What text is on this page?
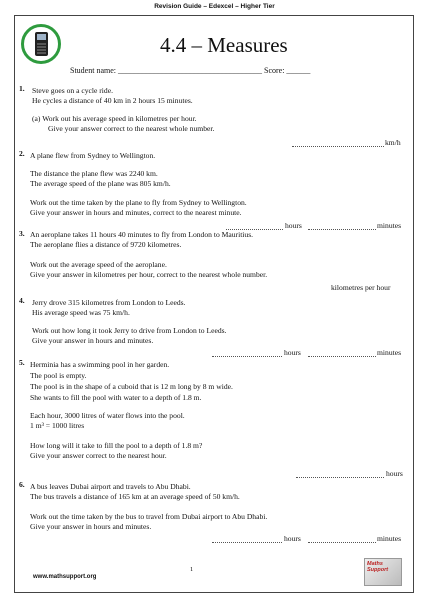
Revision Guide – Edexcel – Higher Tier
4.4 – Measures
Student name: ____________________________________ Score: ______
1. Steve goes on a cycle ride.
He cycles a distance of 40 km in 2 hours 15 minutes.
(a) Work out his average speed in kilometres per hour.
Give your answer correct to the nearest whole number.
km/h
2. A plane flew from Sydney to Wellington.
The distance the plane flew was 2240 km.
The average speed of the plane was 805 km/h.
Work out the time taken by the plane to fly from Sydney to Wellington.
Give your answer in hours and minutes, correct to the nearest minute.
hours	minutes
3. An aeroplane takes 11 hours 40 minutes to fly from London to Mauritius.
The aeroplane flies a distance of 9720 kilometres.
Work out the average speed of the aeroplane.
Give your answer in kilometres per hour, correct to the nearest whole number.
kilometres per hour
4. Jerry drove 315 kilometres from London to Leeds.
His average speed was 75 km/h.
Work out how long it took Jerry to drive from London to Leeds.
Give your answer in hours and minutes.
hours	minutes
5. Herminia has a swimming pool in her garden.
The pool is empty.
The pool is in the shape of a cuboid that is 12 m long by 8 m wide.
She wants to fill the pool with water to a depth of 1.8 m.
Each hour, 3000 litres of water flows into the pool.
1 m³ = 1000 litres
How long will it take to fill the pool to a depth of 1.8 m?
Give your answer correct to the nearest hour.
hours
6. A bus leaves Dubai airport and travels to Abu Dhabi.
The bus travels a distance of 165 km at an average speed of 50 km/h.
Work out the time taken by the bus to travel from Dubai airport to Abu Dhabi.
Give your answer in hours and minutes.
hours	minutes
1
www.mathsupport.org
Maths Support
